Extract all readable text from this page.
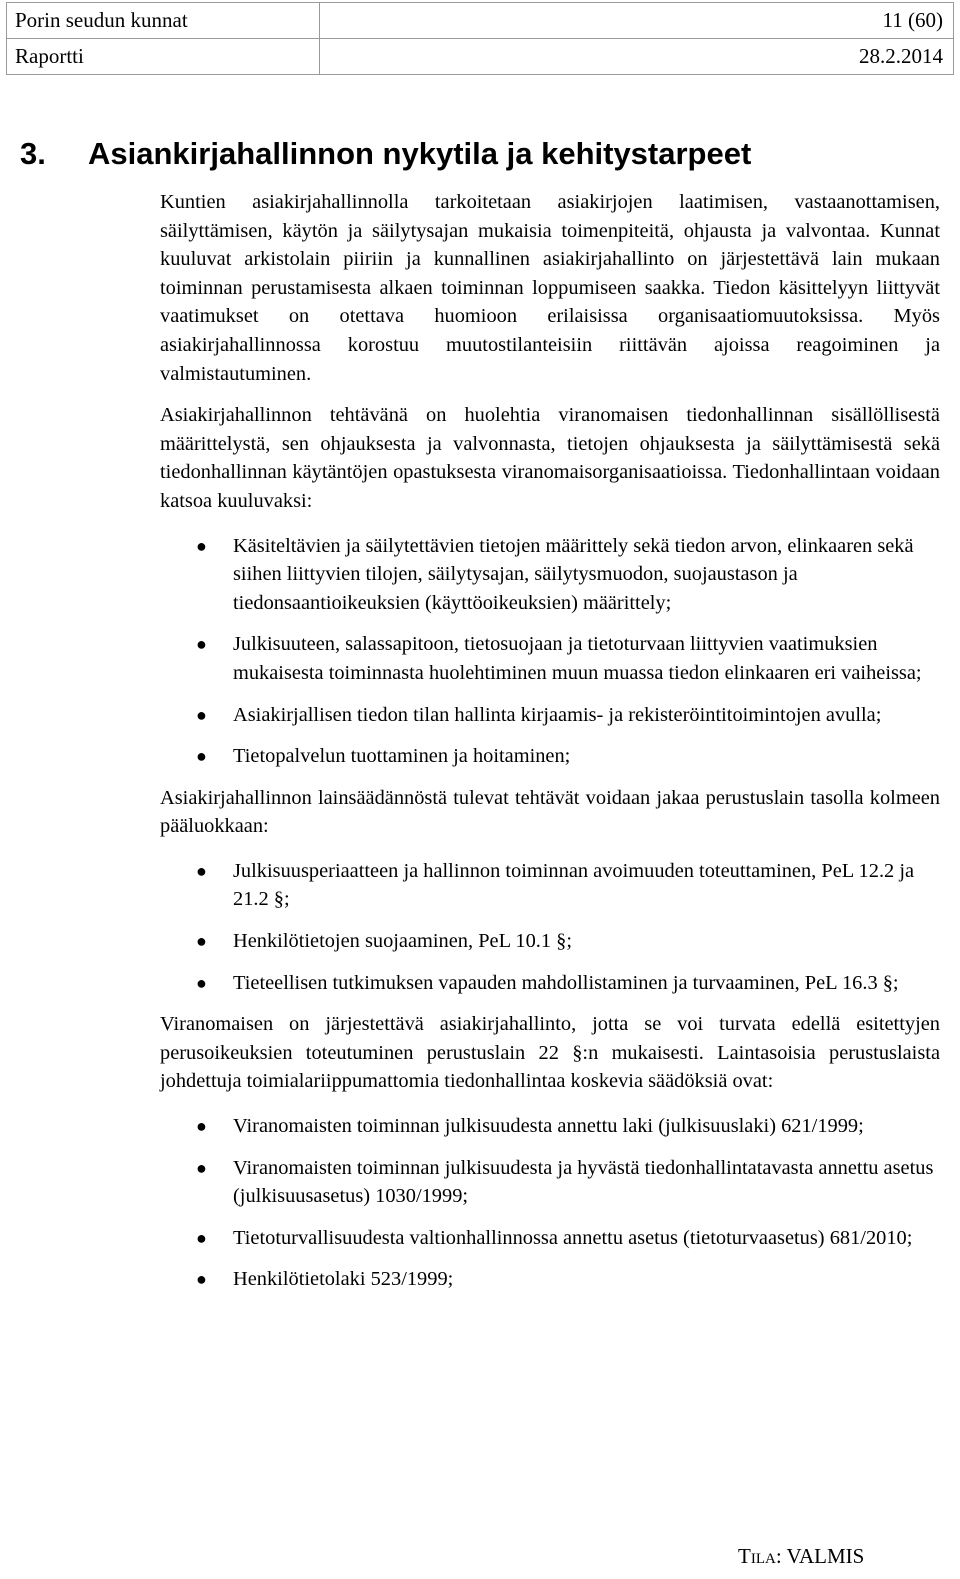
Porin seudun kunnat	11 (60)
Raportti	28.2.2014
3. Asiankirjahallinnon nykytila ja kehitystarpeet

Kuntien asiakirjahallinnolla tarkoitetaan asiakirjojen laatimisen, vastaanottamisen, säilyttämisen, käytön ja säilytysajan mukaisia toimenpiteitä, ohjausta ja valvontaa. Kunnat kuuluvat arkistolain piiriin ja kunnallinen asiakirjahallinto on järjestettävä lain mukaan toiminnan perustamisesta alkaen toiminnan loppumiseen saakka. Tiedon käsittelyyn liittyvät vaatimukset on otettava huomioon erilaisissa organisaatiomuutoksissa. Myös asiakirjahallinnossa korostuu muutostilanteisiin riittävän ajoissa reagoiminen ja valmistautuminen.

Asiakirjahallinnon tehtävänä on huolehtia viranomaisen tiedonhallinnan sisällöllisestä määrittelystä, sen ohjauksesta ja valvonnasta, tietojen ohjauksesta ja säilyttämisestä sekä tiedonhallinnan käytäntöjen opastuksesta viranomaisorganisaatioissa. Tiedonhallintaan voidaan katsoa kuuluvaksi:

● Käsiteltävien ja säilytettävien tietojen määrittely sekä tiedon arvon, elinkaaren sekä siihen liittyvien tilojen, säilytysajan, säilytysmuodon, suojaustason ja tiedonsaantioikeuksien (käyttöoikeuksien) määrittely;
● Julkisuuteen, salassapitoon, tietosuojaan ja tietoturvaan liittyvien vaatimuksien mukaisesta toiminnasta huolehtiminen muun muassa tiedon elinkaaren eri vaiheissa;
● Asiakirjallisen tiedon tilan hallinta kirjaamis- ja rekisteröintitoimintojen avulla;
● Tietopalvelun tuottaminen ja hoitaminen;

Asiakirjahallinnon lainsäädännöstä tulevat tehtävät voidaan jakaa perustuslain tasolla kolmeen pääluokkaan:

● Julkisuusperiaatteen ja hallinnon toiminnan avoimuuden toteuttaminen, PeL 12.2 ja 21.2 §;
● Henkilötietojen suojaaminen, PeL 10.1 §;
● Tieteellisen tutkimuksen vapauden mahdollistaminen ja turvaaminen, PeL 16.3 §;

Viranomaisen on järjestettävä asiakirjahallinto, jotta se voi turvata edellä esitettyjen perusoikeuksien toteutuminen perustuslain 22 §:n mukaisesti. Laintasoisia perustuslaista johdettuja toimialariippumattomia tiedonhallintaa koskevia säädöksiä ovat:

● Viranomaisten toiminnan julkisuudesta annettu laki (julkisuuslaki) 621/1999;
● Viranomaisten toiminnan julkisuudesta ja hyvästä tiedonhallintatavasta annettu asetus (julkisuusasetus) 1030/1999;
● Tietoturvallisuudesta valtionhallinnossa annettu asetus (tietoturvaasetus) 681/2010;
● Henkilötietolaki 523/1999;
TILA: VALMIS
